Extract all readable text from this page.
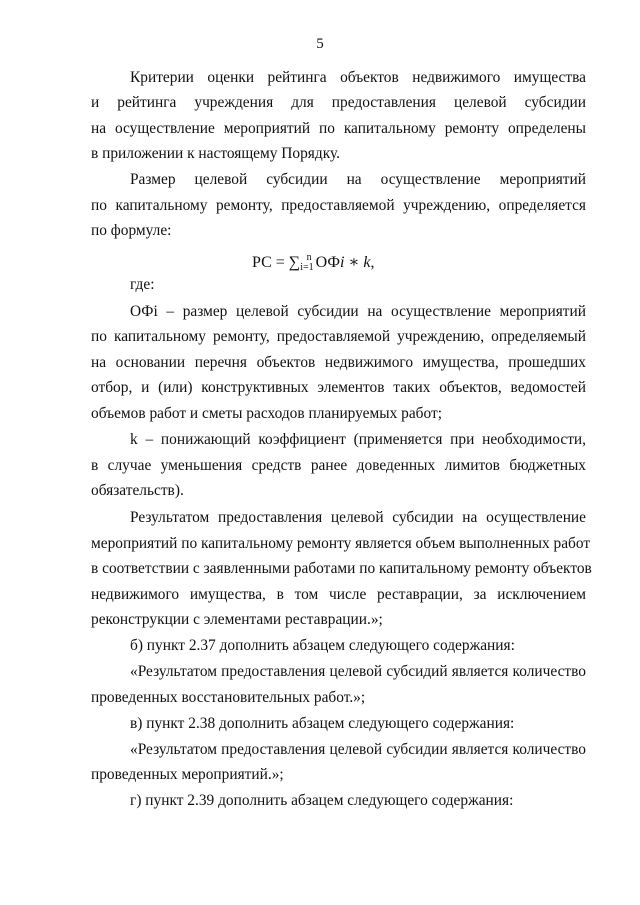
5
Критерии оценки рейтинга объектов недвижимого имущества
и рейтинга учреждения для предоставления целевой субсидии
на осуществление мероприятий по капитальному ремонту определены
в приложении к настоящему Порядку.
Размер целевой субсидии на осуществление мероприятий
по капитальному ремонту, предоставляемой учреждению, определяется
по формуле:
РС = $\sum_{i=1}^n$ ОФi ∗ k,
где:
ОФi – размер целевой субсидии на осуществление мероприятий
по капитальному ремонту, предоставляемой учреждению, определяемый
на основании перечня объектов недвижимого имущества, прошедших
отбор, и (или) конструктивных элементов таких объектов, ведомостей
объемов работ и сметы расходов планируемых работ;
k – понижающий коэффициент (применяется при необходимости,
в случае уменьшения средств ранее доведенных лимитов бюджетных
обязательств).
Результатом предоставления целевой субсидии на осуществление
мероприятий по капитальному ремонту является объем выполненных работ
в соответствии с заявленными работами по капитальному ремонту объектов
недвижимого имущества, в том числе реставрации, за исключением
реконструкции с элементами реставрации.»;
б) пункт 2.37 дополнить абзацем следующего содержания:
«Результатом предоставления целевой субсидий является количество
проведенных восстановительных работ.»;
в) пункт 2.38 дополнить абзацем следующего содержания:
«Результатом предоставления целевой субсидии является количество
проведенных мероприятий.»;
г) пункт 2.39 дополнить абзацем следующего содержания:
